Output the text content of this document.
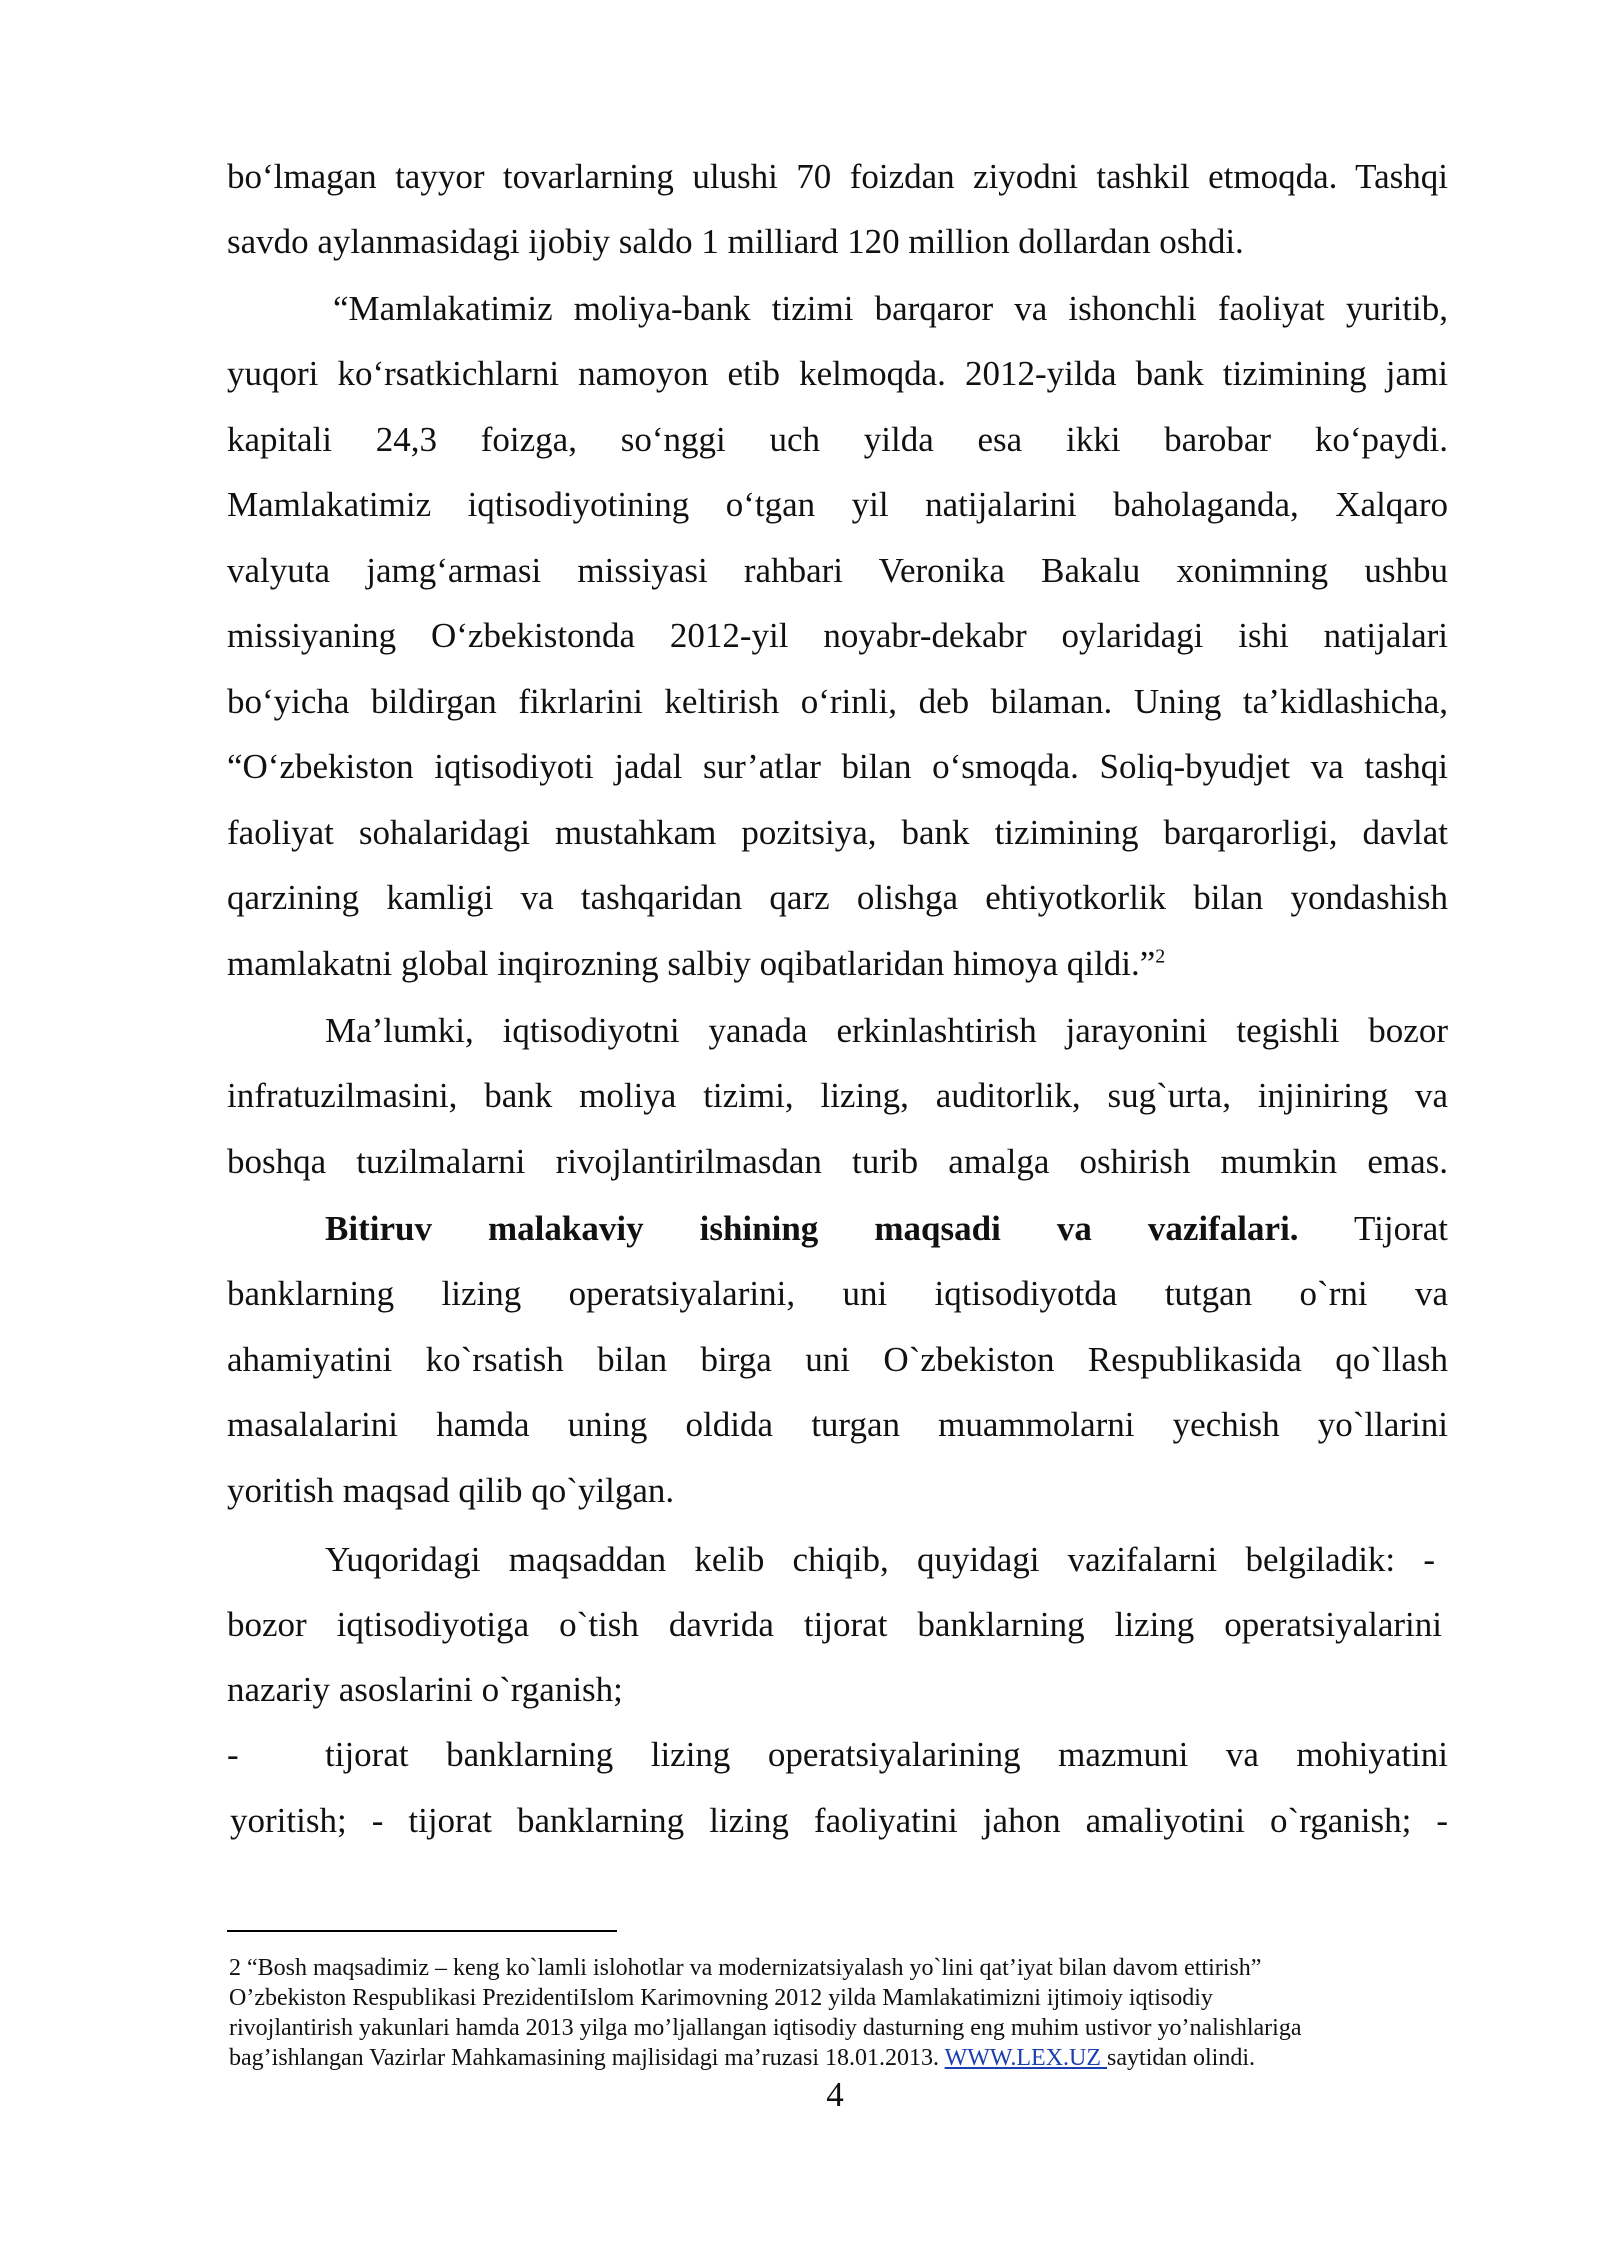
bo‘lmagan tayyor tovarlarning ulushi 70 foizdan ziyodni tashkil etmoqda. Tashqi
savdo aylanmasidagi ijobiy saldo 1 milliard 120 million dollardan oshdi.
“Mamlakatimiz moliya-bank tizimi barqaror va ishonchli faoliyat yuritib,
yuqori ko‘rsatkichlarni namoyon etib kelmoqda. 2012-yilda bank tizimining jami
kapitali 24,3 foizga, so‘nggi uch yilda esa ikki barobar ko‘paydi.
Mamlakatimiz iqtisodiyotining o‘tgan yil natijalarini baholaganda, Xalqaro
valyuta jamg‘armasi missiyasi rahbari Veronika Bakalu xonimning ushbu
missiyaning O‘zbekistonda 2012-yil noyabr-dekabr oylaridagi ishi natijalari
bo‘yicha bildirgan fikrlarini keltirish o‘rinli, deb bilaman. Uning ta’kidlashicha,
“O‘zbekiston iqtisodiyoti jadal sur’atlar bilan o‘smoqda. Soliq-byudjet va tashqi
faoliyat sohalaridagi mustahkam pozitsiya, bank tizimining barqarorligi, davlat
qarzining kamligi va tashqaridan qarz olishga ehtiyotkorlik bilan yondashish
mamlakatni global inqirozning salbiy oqibatlaridan himoya qildi.”$^2$
Ma’lumki, iqtisodiyotni yanada erkinlashtirish jarayonini tegishli bozor
infratuzilmasini, bank moliya tizimi, lizing, auditorlik, sug`urta, injiniring va
boshqa tuzilmalarni rivojlantirilmasdan turib amalga oshirish mumkin emas.
Bitiruv malakaviy ishining maqsadi va vazifalari. Tijorat
banklarning lizing operatsiyalarini, uni iqtisodiyotda tutgan o`rni va
ahamiyatini ko`rsatish bilan birga uni O`zbekiston Respublikasida qo`llash
masalalarini hamda uning oldida turgan muammolarni yechish yo`llarini
yoritish maqsad qilib qo`yilgan.
Yuqoridagi maqsaddan kelib chiqib, quyidagi vazifalarni belgiladik: -
bozor iqtisodiyotiga o`tish davrida tijorat banklarning lizing operatsiyalarini
nazariy asoslarini o`rganish;
-	tijorat banklarning lizing operatsiyalarining mazmuni va mohiyatini
yoritish; - tijorat banklarning lizing faoliyatini jahon amaliyotini o`rganish; -
2 “Bosh maqsadimiz – keng ko`lamli islohotlar va modernizatsiyalash yo`lini qat’iyat bilan davom ettirish”
O’zbekiston Respublikasi PrezidentiIslom Karimovning 2012 yilda Mamlakatimizni ijtimoiy iqtisodiy
rivojlantirish yakunlari hamda 2013 yilga mo’ljallangan iqtisodiy dasturning eng muhim ustivor yo’nalishlariga
bag’ishlangan Vazirlar Mahkamasining majlisidagi ma’ruzasi 18.01.2013. WWW.LEX.UZ saytidan olindi.
4
